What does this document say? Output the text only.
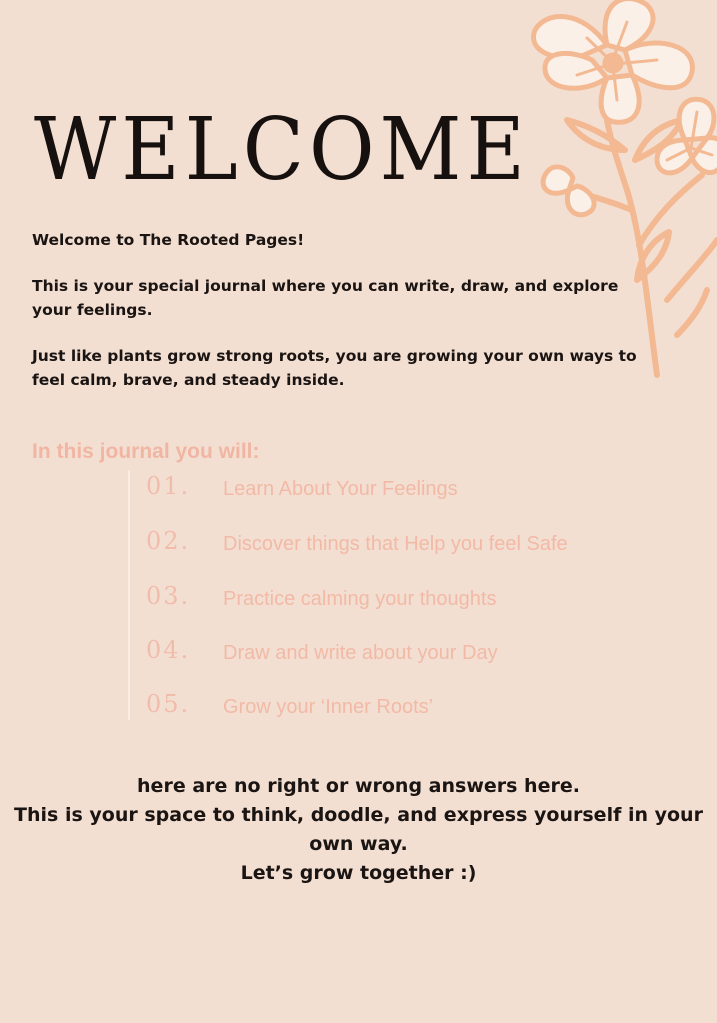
WELCOME

Welcome to The Rooted Pages!

This is your special journal where you can write, draw, and explore your feelings.

Just like plants grow strong roots, you are growing your own ways to feel calm, brave, and steady inside.

In this journal you will:
01. Learn About Your Feelings
02. Discover things that Help you feel Safe
03. Practice calming your thoughts
04. Draw and write about your Day
05. Grow your ‘Inner Roots’
here are no right or wrong answers here.
This is your space to think, doodle, and express yourself in your
own way.
Let’s grow together :)
